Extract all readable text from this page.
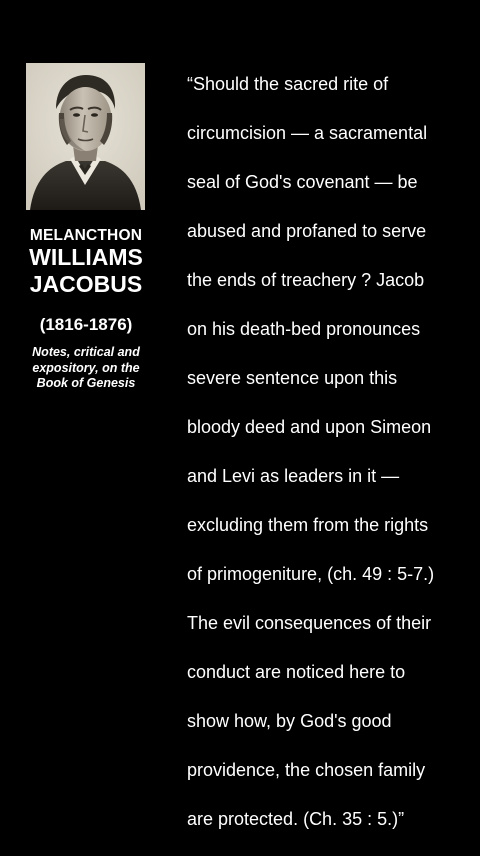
MELANCTHON
WILLIAMS
JACOBUS
(1816-1876)
Notes, critical and
expository, on the
Book of Genesis

“Should the sacred rite of

circumcision — a sacramental

seal of God's covenant — be

abused and profaned to serve

the ends of treachery ? Jacob

on his death-bed pronounces

severe sentence upon this

bloody deed and upon Simeon

and Levi as leaders in it —

excluding them from the rights

of primogeniture, (ch. 49 : 5-7.)

The evil consequences of their

conduct are noticed here to

show how, by God's good

providence, the chosen family

are protected. (Ch. 35 : 5.)”
